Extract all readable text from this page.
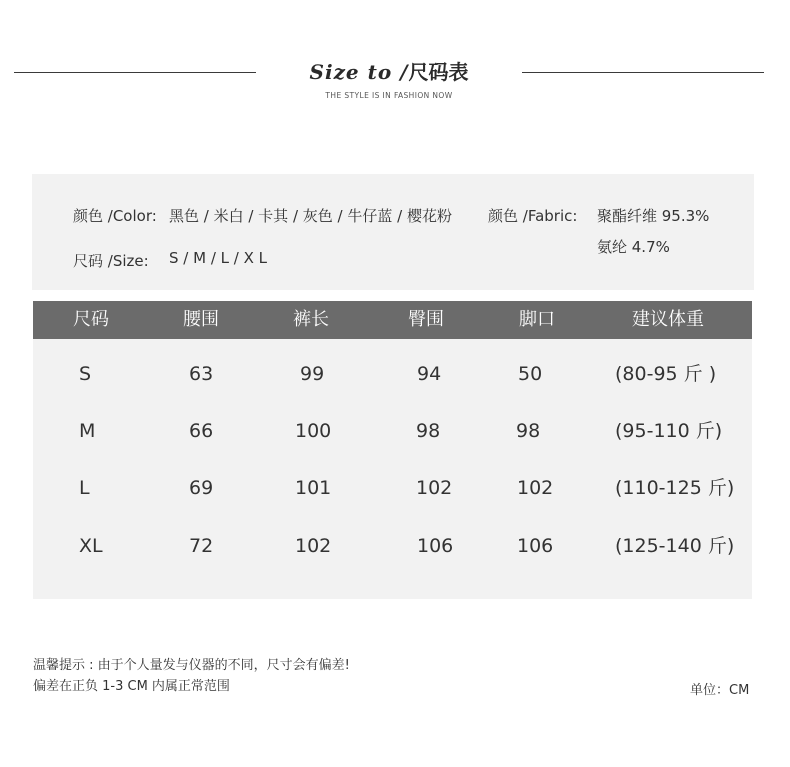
Size to /尺码表
THE STYLE IS IN FASHION NOW
颜色 /Color: 黑色 / 米白 / 卡其 / 灰色 / 牛仔蓝 / 樱花粉 颜色 /Fabric: 聚酯纤维 95.3%
氨纶 4.7%
尺码 /Size: S / M / L / X L
尺码	腰围	裤长	臀围	脚口	建议体重
S	63	99	94	50	(80-95 斤 )
M	66	100	98	98	(95-110 斤)
L	69	101	102	102	(110-125 斤)
XL	72	102	106	106	(125-140 斤)
温馨提示 : 由于个人量发与仪器的不同，尺寸会有偏差!
偏差在正负 1-3 CM 内属正常范围	单位：CM
